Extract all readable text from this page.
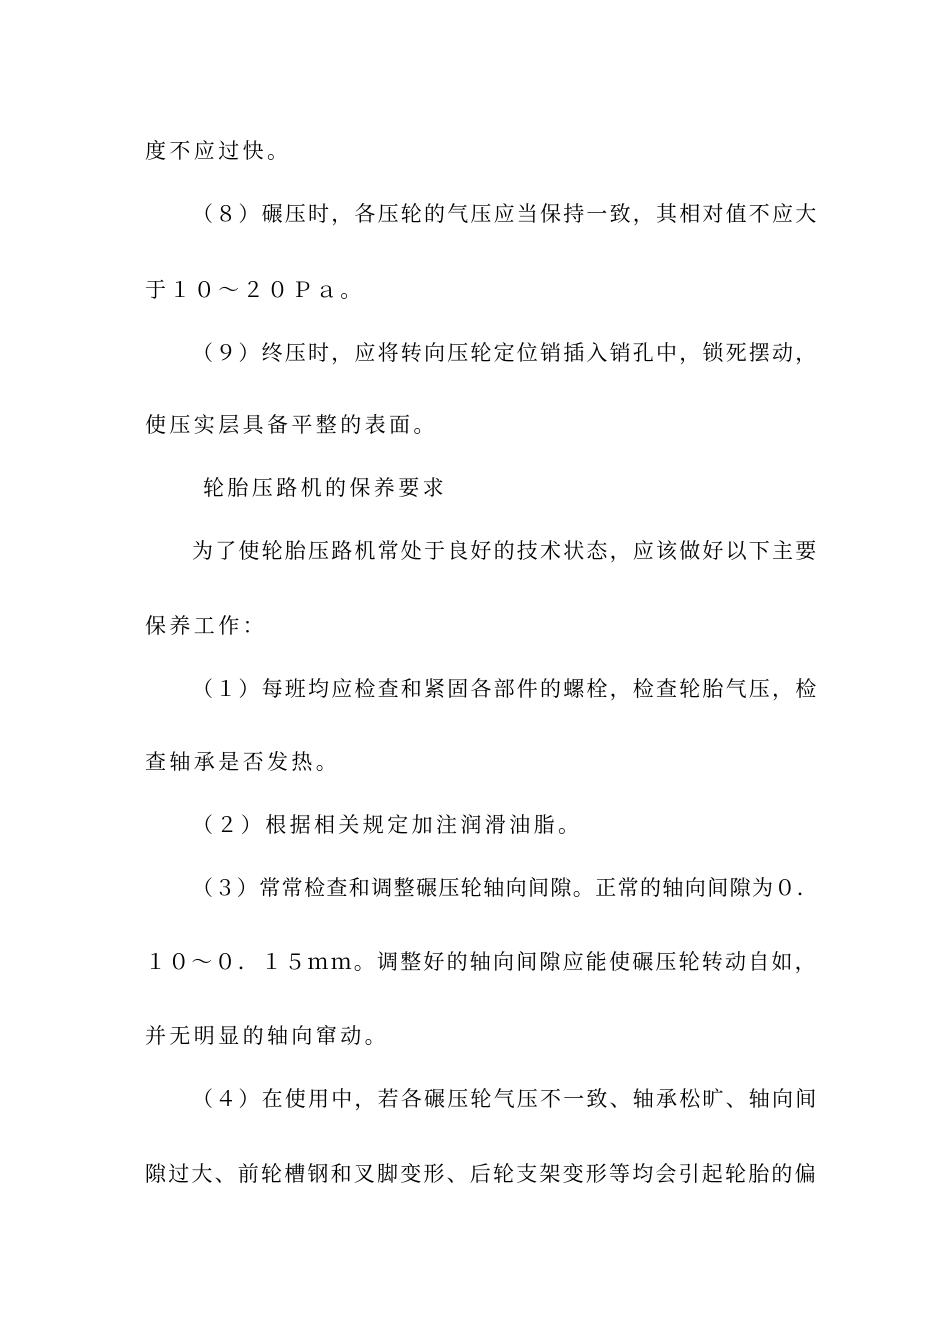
度不应过快。
（８）碾压时，各压轮的气压应当保持一致，其相对值不应大
于１０～２０Ｐａ。
（９）终压时，应将转向压轮定位销插入销孔中，锁死摆动，
使压实层具备平整的表面。
轮胎压路机的保养要求
为了使轮胎压路机常处于良好的技术状态，应该做好以下主要
保养工作：
（１）每班均应检查和紧固各部件的螺栓，检查轮胎气压，检
查轴承是否发热。
（２）根据相关规定加注润滑油脂。
（３）常常检查和调整碾压轮轴向间隙。正常的轴向间隙为０．
１０～０．１５ｍｍ。调整好的轴向间隙应能使碾压轮转动自如，
并无明显的轴向窜动。
（４）在使用中，若各碾压轮气压不一致、轴承松旷、轴向间
隙过大、前轮槽钢和叉脚变形、后轮支架变形等均会引起轮胎的偏
